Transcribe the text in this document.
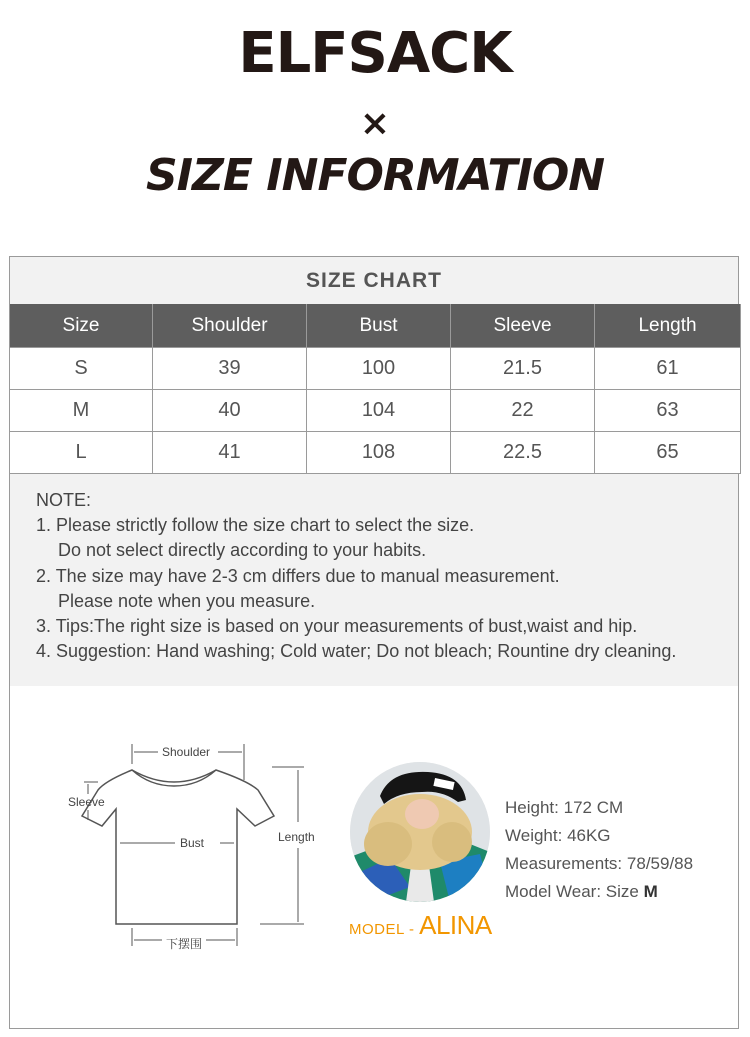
ELFSACK
×
SIZE INFORMATION
SIZE CHART
Size	Shoulder	Bust	Sleeve	Length
S	39	100	21.5	61
M	40	104	22	63
L	41	108	22.5	65
NOTE:
1. Please strictly follow the size chart to select the size.
Do not select directly according to your habits.
2. The size may have 2-3 cm differs due to manual measurement.
Please note when you measure.
3. Tips:The right size is based on your measurements of bust,waist and hip.
4. Suggestion: Hand washing; Cold water; Do not bleach; Rountine dry cleaning.
Shoulder
Sleeve
Bust	Length
下摆围
MODEL - ALINA
Height: 172 CM
Weight: 46KG
Measurements: 78/59/88
Model Wear: Size M
